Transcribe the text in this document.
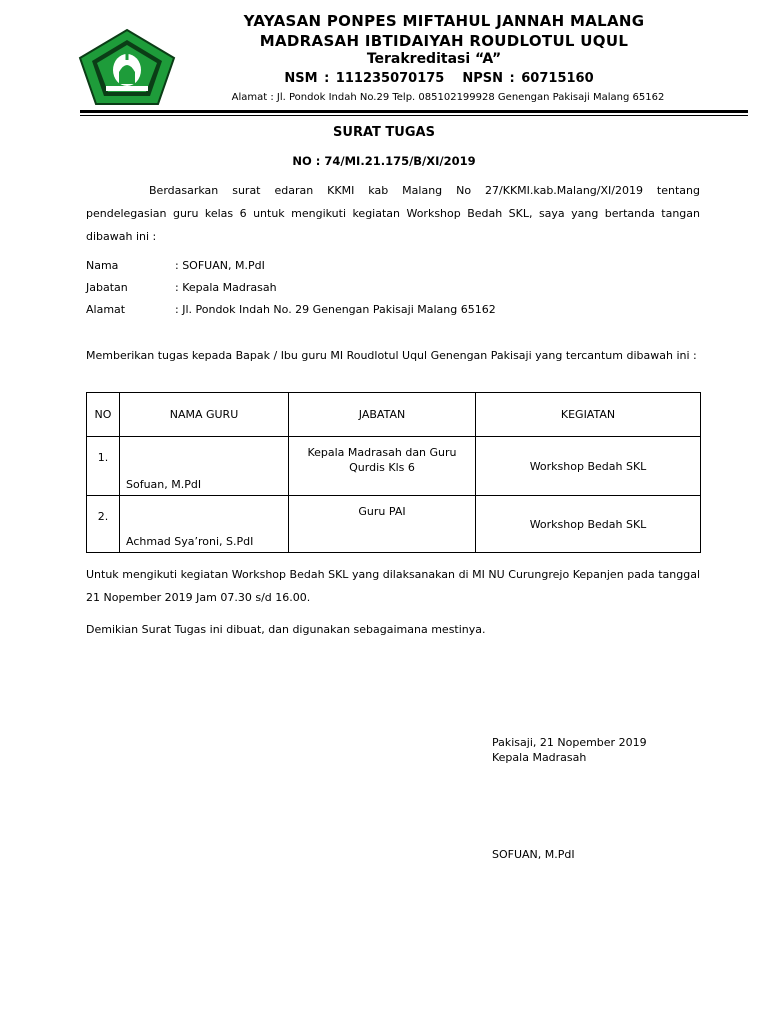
YAYASAN PONPES MIFTAHUL JANNAH MALANG
MADRASAH IBTIDAIYAH ROUDLOTUL UQUL
Terakreditasi “A”
NSM : 111235070175 NPSN : 60715160
Alamat : Jl. Pondok Indah No.29 Telp. 085102199928 Genengan Pakisaji Malang 65162
SURAT TUGAS
NO : 74/MI.21.175/B/XI/2019
Berdasarkan surat edaran KKMI kab Malang No 27/KKMI.kab.Malang/XI/2019 tentang pendelegasian guru kelas 6 untuk mengikuti kegiatan Workshop Bedah SKL, saya yang bertanda tangan dibawah ini :
Nama	: SOFUAN, M.PdI
Jabatan	: Kepala Madrasah
Alamat	: Jl. Pondok Indah No. 29 Genengan Pakisaji Malang 65162
Memberikan tugas kepada Bapak / Ibu guru MI Roudlotul Uqul Genengan Pakisaji yang tercantum dibawah ini :
NO	NAMA GURU	JABATAN	KEGIATAN
1.	Sofuan, M.PdI	Kepala Madrasah dan Guru Qurdis Kls 6	Workshop Bedah SKL
2.	Achmad Sya’roni, S.PdI	Guru PAI	Workshop Bedah SKL
Untuk mengikuti kegiatan Workshop Bedah SKL yang dilaksanakan di MI NU Curungrejo Kepanjen pada tanggal 21 Nopember 2019 Jam 07.30 s/d 16.00.
Demikian Surat Tugas ini dibuat, dan digunakan sebagaimana mestinya.
Pakisaji, 21 Nopember 2019
Kepala Madrasah
SOFUAN, M.PdI
